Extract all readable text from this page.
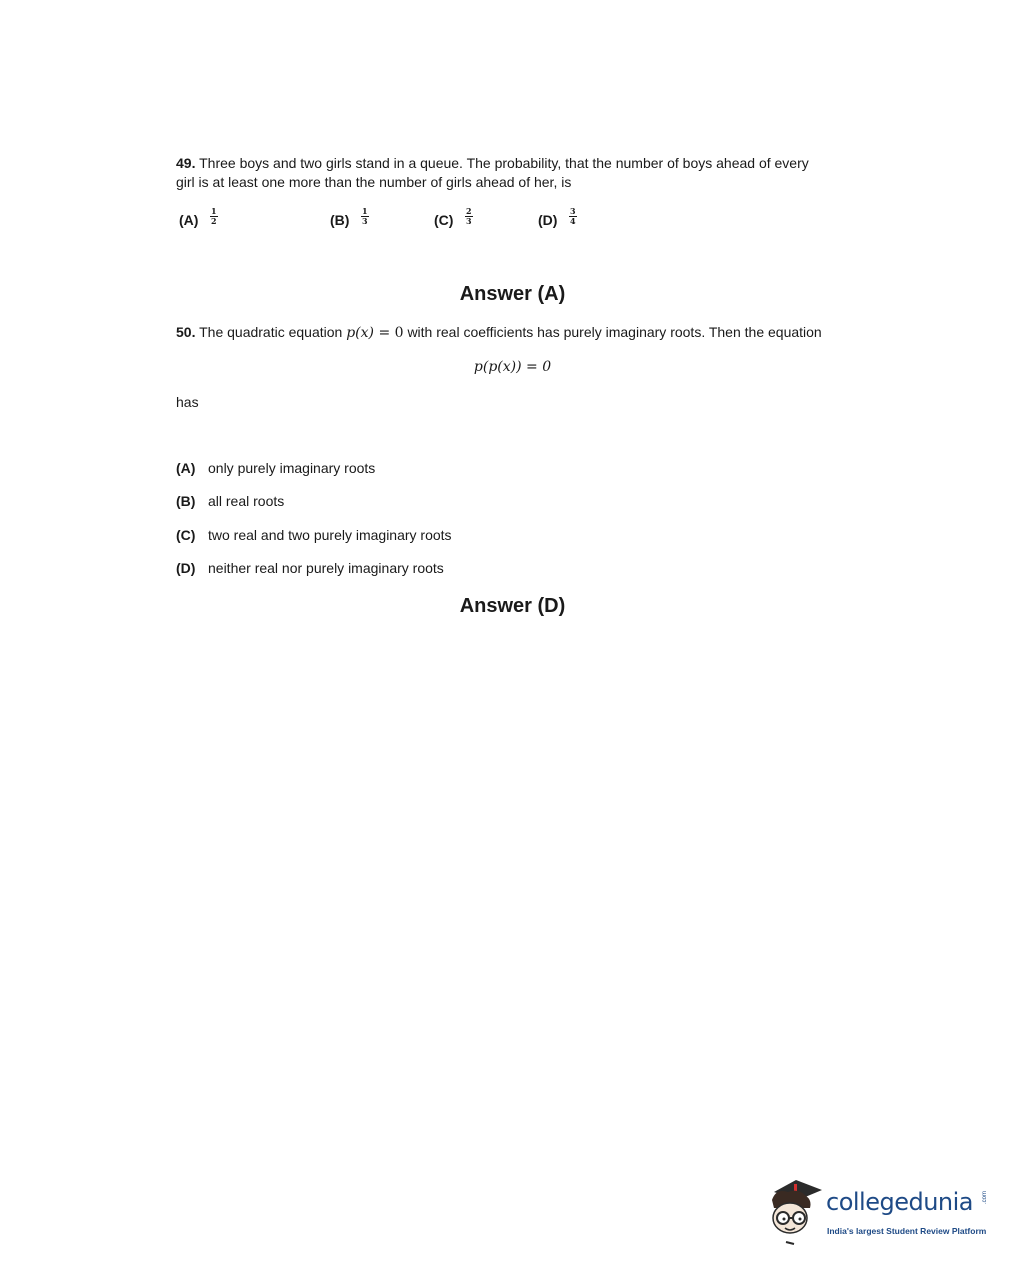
49. Three boys and two girls stand in a queue. The probability, that the number of boys ahead of every
girl is at least one more than the number of girls ahead of her, is
$(A) \frac{1}{2}$	$(B) \frac{1}{3}$	$(C) \frac{2}{3}$	$(D) \frac{3}{4}$
Answer (A)
50. The quadratic equation p(x) = 0 with real coefficients has purely imaginary roots. Then the equation
p(p(x)) = 0
has
(A) only purely imaginary roots
(B) all real roots
(C) two real and two purely imaginary roots
(D) neither real nor purely imaginary roots
Answer (D)
collegedunia .com
India's largest Student Review Platform
